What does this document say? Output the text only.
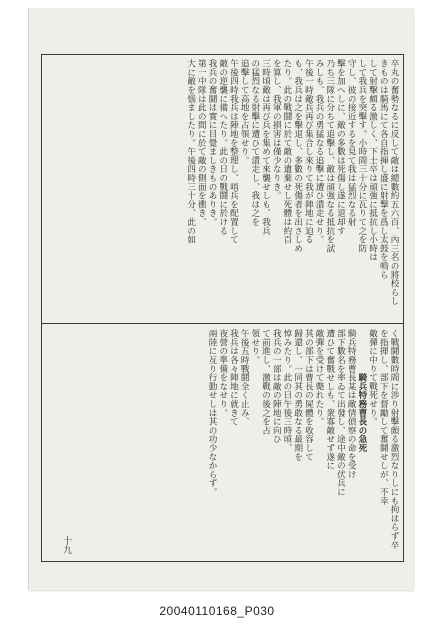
卒丸の奮勢なるに反して敵は總數約五六百、內三名の將校らし
きものは騎馬にて各自指揮し盛に射撃を爲し太鼓を鳴ら
して射擊頗る激しく、下士卒は頑強に抵抗し小時は
して我兵を突擊す。小時間三十分に瓦りて之を防
守し、彼の接近するを見て我は猛烈なる射
擊を加へしに、敵の多數は死傷し遂に退却す
乃ち三隊に分ちて追擊し、敵は頑強なる抵抗を試
みしも、我兵の勇猛なる追擊に遭ひ潰走せり。
午後一時敵兵再び集合し來りて我が陣地に迫る
も、我兵は之を擊退し、多數の死傷者を出さしめ
たり。此の戰鬪に於て敵の遺棄せし死體は約百
を算し、我軍の損害は僅少なりき。
三時頃敵は再び兵を集めて來襲せしも、我兵
の猛烈なる射擊に遭ひて潰走し、我は之を
追擊して高地を占領せり。
午後四時我兵は陣地を整理し、哨兵を配置して
敵の逆襲に備へたり。此の日の戰鬪に於ける
我兵の奮鬪は實に目覺ましきものありき。
第一中隊は此の間に於て敵の側面を衝き、
大に敵を惱ましたり。午後四時三十分、此の如
く戰鬪數時間に渉り射擊頗る激烈なりしにも拘はらず卒
を指揮し、部下を督勵して奮鬪せしが、不幸
敵彈に中りて戰死せり。
騎兵特務曹長の急死
騎兵特務曹長某は敵情偵察の命を受け
部下數名を率ゐて出發し、途中敵の伏兵に
遭ひて奮戰せしも、衆寡敵せず遂に
敵彈を受けて斃れたり。
其の部下は曹長の屍體を收容して
歸還し、一同其の勇敢なる最期を
悼みたり。此の日午後三時頃、
我兵の一部は敵の陣地に向ひ
て前進し、激戰の後之を占
領せり。
午後五時戰鬪全く止み、
我兵は各々陣地に就きて
夜營の準備をなせり。
兩陸に亙り行動せしは其の功少なからず。
十九
20040110168_P030
